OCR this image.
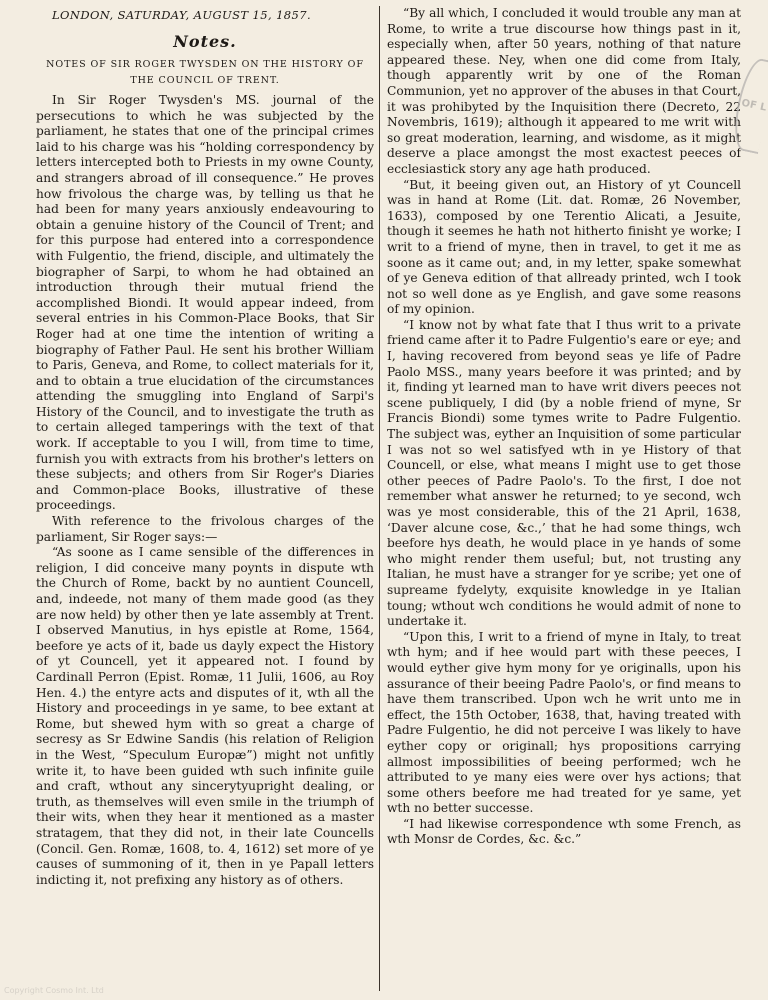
LONDON, SATURDAY, AUGUST 15, 1857.
Notes.
NOTES OF SIR ROGER TWYSDEN ON THE HISTORY OF THE COUNCIL OF TRENT.

In Sir Roger Twysden's MS. journal of the persecutions to which he was subjected by the parliament, he states that one of the principal crimes laid to his charge was his “holding correspondency by letters intercepted both to Priests in my owne County, and strangers abroad of ill consequence.” He proves how frivolous the charge was, by telling us that he had been for many years anxiously endeavouring to obtain a genuine history of the Council of Trent; and for this purpose had entered into a correspondence with Fulgentio, the friend, disciple, and ultimately the biographer of Sarpi, to whom he had obtained an introduction through their mutual friend the accomplished Biondi. It would appear indeed, from several entries in his Common-Place Books, that Sir Roger had at one time the intention of writing a biography of Father Paul. He sent his brother William to Paris, Geneva, and Rome, to collect materials for it, and to obtain a true elucidation of the circumstances attending the smuggling into England of Sarpi's History of the Council, and to investigate the truth as to certain alleged tamperings with the text of that work. If acceptable to you I will, from time to time, furnish you with extracts from his brother's letters on these subjects; and others from Sir Roger's Diaries and Common-place Books, illustrative of these proceedings.

With reference to the frivolous charges of the parliament, Sir Roger says:—

“As soone as I came sensible of the differences in religion, I did conceive many poynts in dispute wth the Church of Rome, backt by no auntient Councell, and, indeede, not many of them made good (as they are now held) by other then ye late assembly at Trent. I observed Manutius, in hys epistle at Rome, 1564, beefore ye acts of it, bade us dayly expect the History of yt Councell, yet it appeared not. I found by Cardinall Perron (Epist. Romæ, 11 Julii, 1606, au Roy Hen. 4.) the entyre acts and disputes of it, wth all the History and proceedings in ye same, to bee extant at Rome, but shewed hym with so great a charge of secresy as Sr Edwine Sandis (his relation of Religion in the West, “Speculum Europæ”) might not unfitly write it, to have been guided wth such infinite guile and craft, wthout any sincerytyupright dealing, or truth, as themselves will even smile in the triumph of their wits, when they hear it mentioned as a master stratagem, that they did not, in their late Councells (Concil. Gen. Romæ, 1608, to. 4, 1612) set more of ye causes of summoning of it, then in ye Papall letters indicting it, not prefixing any history as of others.

“By all which, I concluded it would trouble any man at Rome, to write a true discourse how things past in it, especially when, after 50 years, nothing of that nature appeared these. Ney, when one did come from Italy, though apparently writ by one of the Roman Communion, yet no approver of the abuses in that Court, it was prohibyted by the Inquisition there (Decreto, 22 Novembris, 1619); although it appeared to me writ with so great moderation, learning, and wisdome, as it might deserve a place amongst the most exactest peeces of ecclesiastick story any age hath produced.

“But, it beeing given out, an History of yt Councell was in hand at Rome (Lit. dat. Romæ, 26 November, 1633), composed by one Terentio Alicati, a Jesuite, though it seemes he hath not hitherto finisht ye worke; I writ to a friend of myne, then in travel, to get it me as soone as it came out; and, in my letter, spake somewhat of ye Geneva edition of that allready printed, wch I took not so well done as ye English, and gave some reasons of my opinion.

“I know not by what fate that I thus writ to a private friend came after it to Padre Fulgentio's eare or eye; and I, having recovered from beyond seas ye life of Padre Paolo MSS., many years beefore it was printed; and by it, finding yt learned man to have writ divers peeces not scene publiquely, I did (by a noble friend of myne, Sr Francis Biondi) some tymes write to Padre Fulgentio. The subject was, eyther an Inquisition of some particular I was not so wel satisfyed wth in ye History of that Councell, or else, what means I might use to get those other peeces of Padre Paolo's. To the first, I doe not remember what answer he returned; to ye second, wch was ye most considerable, this of the 21 April, 1638, ‘Daver alcune cose, &c.,’ that he had some things, wch beefore hys death, he would place in ye hands of some who might render them useful; but, not trusting any Italian, he must have a stranger for ye scribe; yet one of supreame fydelyty, exquisite knowledge in ye Italian toung; wthout wch conditions he would admit of none to undertake it.

“Upon this, I writ to a friend of myne in Italy, to treat wth hym; and if hee would part with these peeces, I would eyther give hym mony for ye originalls, upon his assurance of their beeing Padre Paolo's, or find means to have them transcribed. Upon wch he writ unto me in effect, the 15th October, 1638, that, having treated with Padre Fulgentio, he did not perceive I was likely to have eyther copy or originall; hys propositions carrying allmost impossibilities of beeing performed; wch he attributed to ye many eies were over hys actions; that some others beefore me had treated for ye same, yet wth no better successe.

“I had likewise correspondence wth some French, as wth Monsr de Cordes, &c. &c.”

OF L
Copyright Cosmo Int. Ltd
